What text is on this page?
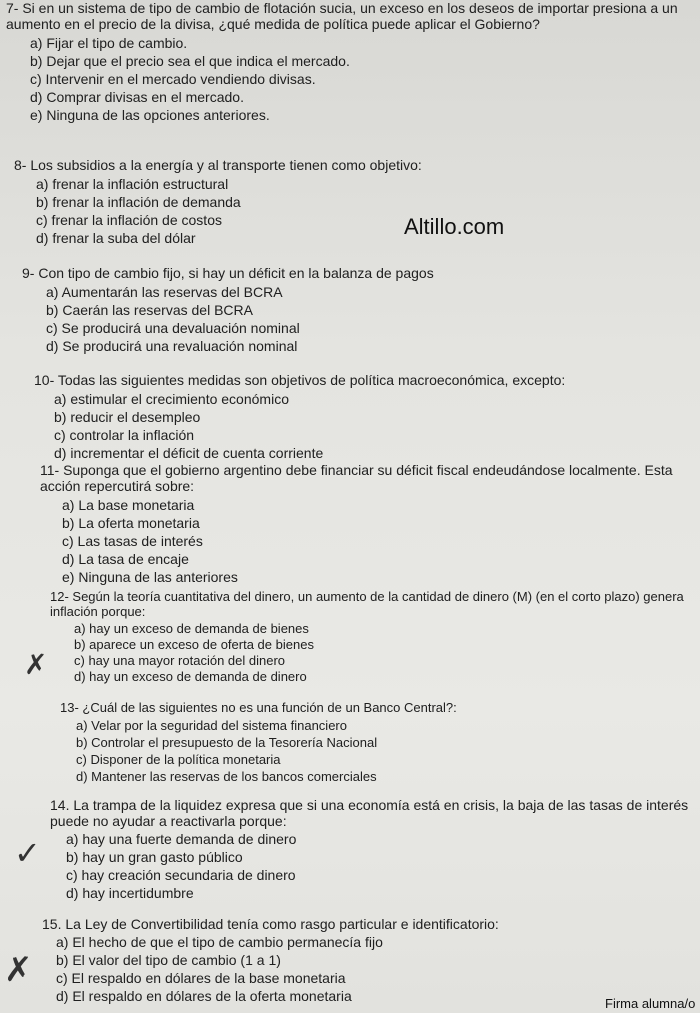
7- Si en un sistema de tipo de cambio de flotación sucia, un exceso en los deseos de importar presiona a un aumento en el precio de la divisa, ¿qué medida de política puede aplicar el Gobierno?

a) Fijar el tipo de cambio.
b) Dejar que el precio sea el que indica el mercado.
c) Intervenir en el mercado vendiendo divisas.
d) Comprar divisas en el mercado.
e) Ninguna de las opciones anteriores.

8- Los subsidios a la energía y al transporte tienen como objetivo:

a) frenar la inflación estructural
b) frenar la inflación de demanda
c) frenar la inflación de costos
d) frenar la suba del dólar	Altillo.com

9- Con tipo de cambio fijo, si hay un déficit en la balanza de pagos

a) Aumentarán las reservas del BCRA
b) Caerán las reservas del BCRA
c) Se producirá una devaluación nominal
d) Se producirá una revaluación nominal

10- Todas las siguientes medidas son objetivos de política macroeconómica, excepto:

a) estimular el crecimiento económico
b) reducir el desempleo
c) controlar la inflación
d) incrementar el déficit de cuenta corriente

11- Suponga que el gobierno argentino debe financiar su déficit fiscal endeudándose localmente. Esta acción repercutirá sobre:

a) La base monetaria
b) La oferta monetaria
c) Las tasas de interés
d) La tasa de encaje
e) Ninguna de las anteriores

12- Según la teoría cuantitativa del dinero, un aumento de la cantidad de dinero (M) (en el corto plazo) genera inflación porque:

a) hay un exceso de demanda de bienes
b) aparece un exceso de oferta de bienes
c) hay una mayor rotación del dinero
d) hay un exceso de demanda de dinero
✗

13- ¿Cuál de las siguientes no es una función de un Banco Central?:

a) Velar por la seguridad del sistema financiero
b) Controlar el presupuesto de la Tesorería Nacional
c) Disponer de la política monetaria
d) Mantener las reservas de los bancos comerciales

14. La trampa de la liquidez expresa que si una economía está en crisis, la baja de las tasas de interés puede no ayudar a reactivarla porque:

a) hay una fuerte demanda de dinero
b) hay un gran gasto público
c) hay creación secundaria de dinero
d) hay incertidumbre
✓

15. La Ley de Convertibilidad tenía como rasgo particular e identificatorio:

a) El hecho de que el tipo de cambio permanecía fijo
b) El valor del tipo de cambio (1 a 1)
c) El respaldo en dólares de la base monetaria
d) El respaldo en dólares de la oferta monetaria
✗
Firma alumna/o
